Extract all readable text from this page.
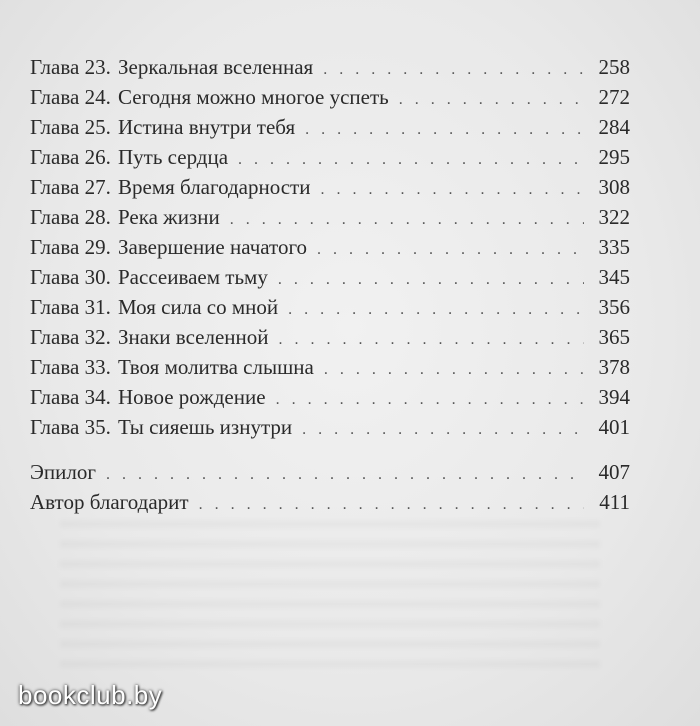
Глава 23. Зеркальная вселенная . . .	258
Глава 24. Сегодня можно многое успеть . . .	272
Глава 25. Истина внутри тебя . . .	284
Глава 26. Путь сердца . . .	295
Глава 27. Время благодарности . . .	308
Глава 28. Река жизни . . .	322
Глава 29. Завершение начатого . . .	335
Глава 30. Рассеиваем тьму . . .	345
Глава 31. Моя сила со мной . . .	356
Глава 32. Знаки вселенной . . .	365
Глава 33. Твоя молитва слышна . . .	378
Глава 34. Новое рождение . . .	394
Глава 35. Ты сияешь изнутри . . .	401
Эпилог . . .	407
Автор благодарит . . .	411
bookclub.by
